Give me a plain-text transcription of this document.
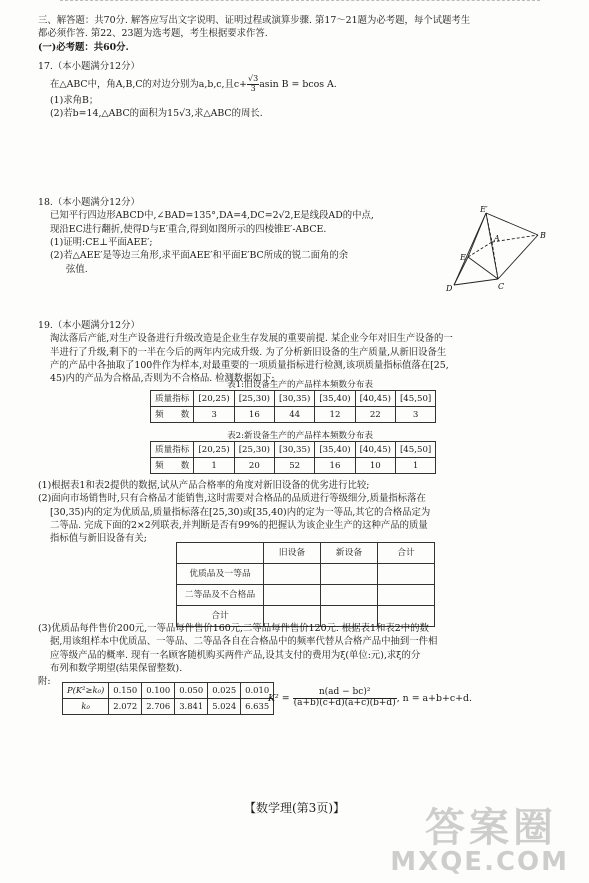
三、解答题：共70分. 解答应写出文字说明、证明过程或演算步骤. 第17～21题为必考题，每个试题考生

都必须作答. 第22、23题为选考题，考生根据要求作答.

(一)必考题：共60分.

17.（本小题满分12分）

在△ABC中，角A,B,C的对边分别为a,b,c,且$c+ \frac{√3}{3}$ asin B = bcos A.

(1)求角B；

(2)若b=14,△ABC的面积为15√3,求△ABC的周长.

18.（本小题满分12分）

已知平行四边形ABCD中,∠BAD=135°,DA=4,DC=2√2,E是线段AD的中点,

现沿EC进行翻折,使得D与E′重合,得到如图所示的四棱锥E′-ABCE.

(1)证明:CE⊥平面AEE′;

(2)若△AEE′是等边三角形,求平面AEE′和平面E′BC所成的锐二面角的余

弦值.

E′
A	B
E
D	C

19.（本小题满分12分）

淘汰落后产能,对生产设备进行升级改造是企业生存发展的重要前提. 某企业今年对旧生产设备的一

半进行了升级,剩下的一半在今后的两年内完成升级. 为了分析新旧设备的生产质量,从新旧设备生

产的产品中各抽取了100件作为样本,对最重要的一项质量指标进行检测,该项质量指标值落在[25,

45)内的产品为合格品,否则为不合格品. 检测数据如下:

表1:旧设备生产的产品样本频数分布表
质量指标	[20,25)	[25,30)	[30,35)	[35,40)	[40,45)	[45,50]
频　　数	3	16	44	12	22	3
表2:新设备生产的产品样本频数分布表
质量指标	[20,25)	[25,30)	[30,35)	[35,40)	[40,45)	[45,50]
频　　数	1	20	52	16	10	1

(1)根据表1和表2提供的数据,试从产品合格率的角度对新旧设备的优劣进行比较;

(2)面向市场销售时,只有合格品才能销售,这时需要对合格品的品质进行等级细分,质量指标落在

[30,35)内的定为优质品,质量指标落在[25,30)或[35,40)内的定为一等品,其它的合格品定为

二等品. 完成下面的2×2列联表,并判断是否有99%的把握认为该企业生产的这种产品的质量

指标值与新旧设备有关;

	旧设备	新设备	合计
优质品及一等品			
二等品及不合格品			
合计			

(3)优质品每件售价200元,一等品每件售价160元,二等品每件售价120元. 根据表1和表2中的数

据,用该组样本中优质品、一等品、二等品各自在合格品中的频率代替从合格产品中抽到一件相

应等级产品的概率. 现有一名顾客随机购买两件产品,设其支付的费用为ξ(单位:元),求ξ的分

布列和数学期望(结果保留整数).

附:

P(K²≥k₀)	0.150	0.100	0.050	0.025	0.010
k₀	2.072	2.706	3.841	5.024	6.635
$K^2 = \frac{\text{n(ad − bc)²}}{(a+b)(c+d)(a+c)(b+d)}$ , n = a+b+c+d.
【数学理(第3页)】	答案圈
MXQE.COM
